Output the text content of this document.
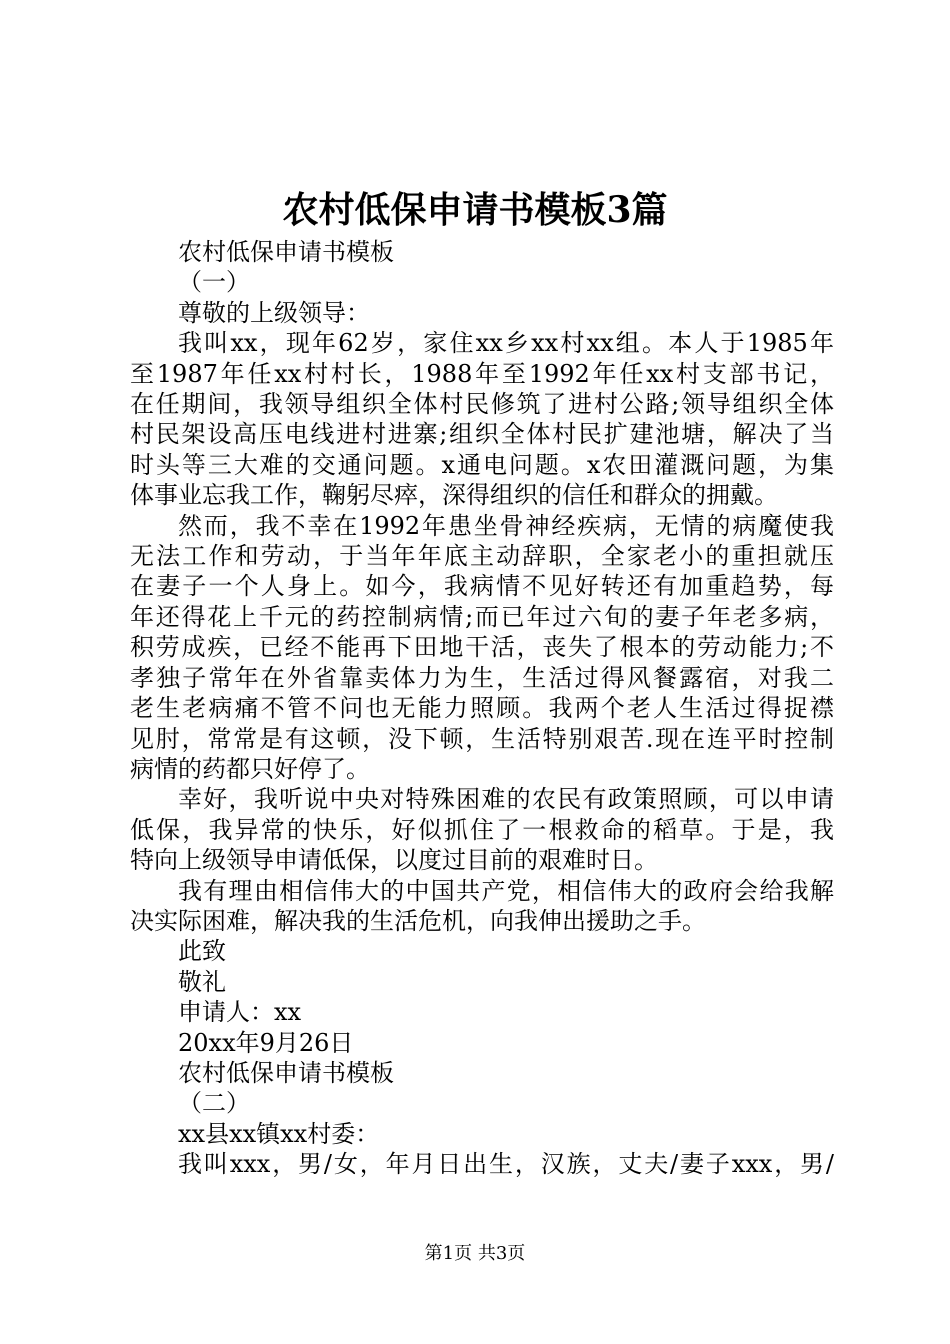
农村低保申请书模板3篇

农村低保申请书模板

（一）

尊敬的上级领导：

我叫xx，现年62岁，家住xx乡xx村xx组。本人于1985年

至1987年任xx村村长，1988年至1992年任xx村支部书记，

在任期间，我领导组织全体村民修筑了进村公路;领导组织全体

村民架设高压电线进村进寨;组织全体村民扩建池塘，解决了当

时头等三大难的交通问题。x通电问题。x农田灌溉问题，为集

体事业忘我工作，鞠躬尽瘁，深得组织的信任和群众的拥戴。

然而，我不幸在1992年患坐骨神经疾病，无情的病魔使我

无法工作和劳动，于当年年底主动辞职，全家老小的重担就压

在妻子一个人身上。如今，我病情不见好转还有加重趋势，每

年还得花上千元的药控制病情;而已年过六旬的妻子年老多病，

积劳成疾，已经不能再下田地干活，丧失了根本的劳动能力;不

孝独子常年在外省靠卖体力为生，生活过得风餐露宿，对我二

老生老病痛不管不问也无能力照顾。我两个老人生活过得捉襟

见肘，常常是有这顿，没下顿，生活特别艰苦.现在连平时控制

病情的药都只好停了。

幸好，我听说中央对特殊困难的农民有政策照顾，可以申请

低保，我异常的快乐，好似抓住了一根救命的稻草。于是，我

特向上级领导申请低保，以度过目前的艰难时日。

我有理由相信伟大的中国共产党，相信伟大的政府会给我解

决实际困难，解决我的生活危机，向我伸出援助之手。

此致

敬礼

申请人：xx

20xx年9月26日

农村低保申请书模板

（二）

xx县xx镇xx村委：

我叫xxx，男/女，年月日出生，汉族，丈夫/妻子xxx，男/

第1页 共3页
